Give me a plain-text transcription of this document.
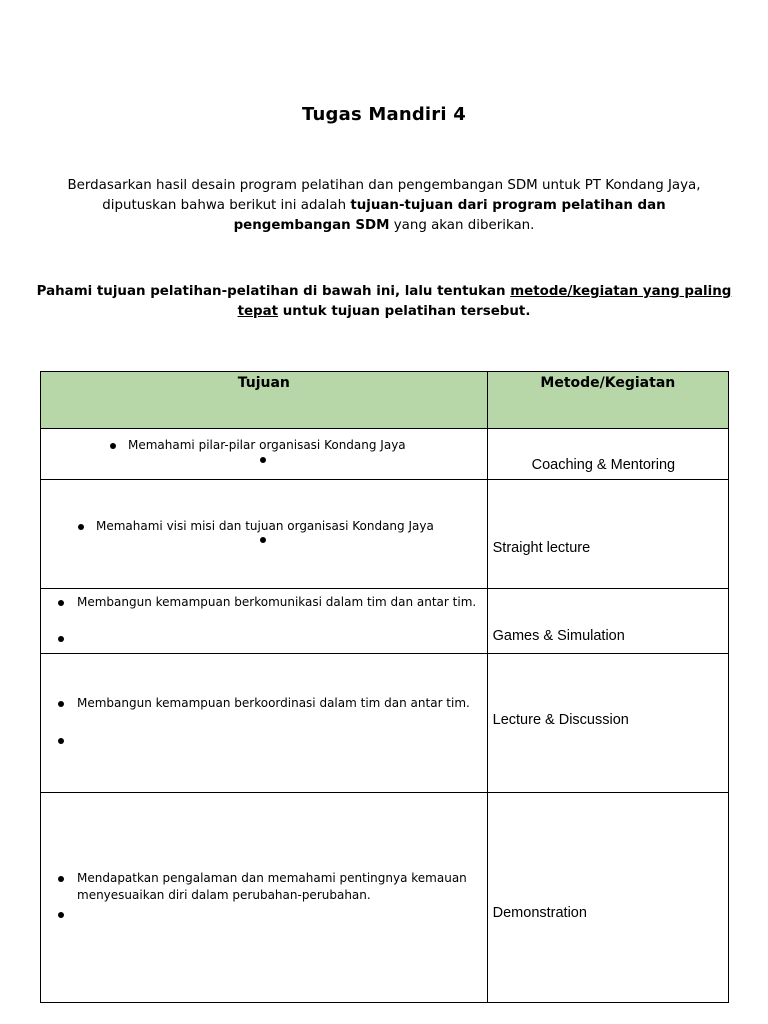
Tugas Mandiri 4
Berdasarkan hasil desain program pelatihan dan pengembangan SDM untuk PT Kondang Jaya, diputuskan bahwa berikut ini adalah tujuan-tujuan dari program pelatihan dan pengembangan SDM yang akan diberikan.
Pahami tujuan pelatihan-pelatihan di bawah ini, lalu tentukan metode/kegiatan yang paling tepat untuk tujuan pelatihan tersebut.
Tujuan	Metode/Kegiatan

Memahami pilar-pilar organisasi Kondang Jaya	Coaching & Mentoring

Memahami visi misi dan tujuan organisasi Kondang Jaya	Straight lecture

Membangun kemampuan berkomunikasi dalam tim dan antar tim.	Games & Simulation

Membangun kemampuan berkoordinasi dalam tim dan antar tim.	Lecture & Discussion

Mendapatkan pengalaman dan memahami pentingnya kemauan menyesuaikan diri dalam perubahan-perubahan.	Demonstration
